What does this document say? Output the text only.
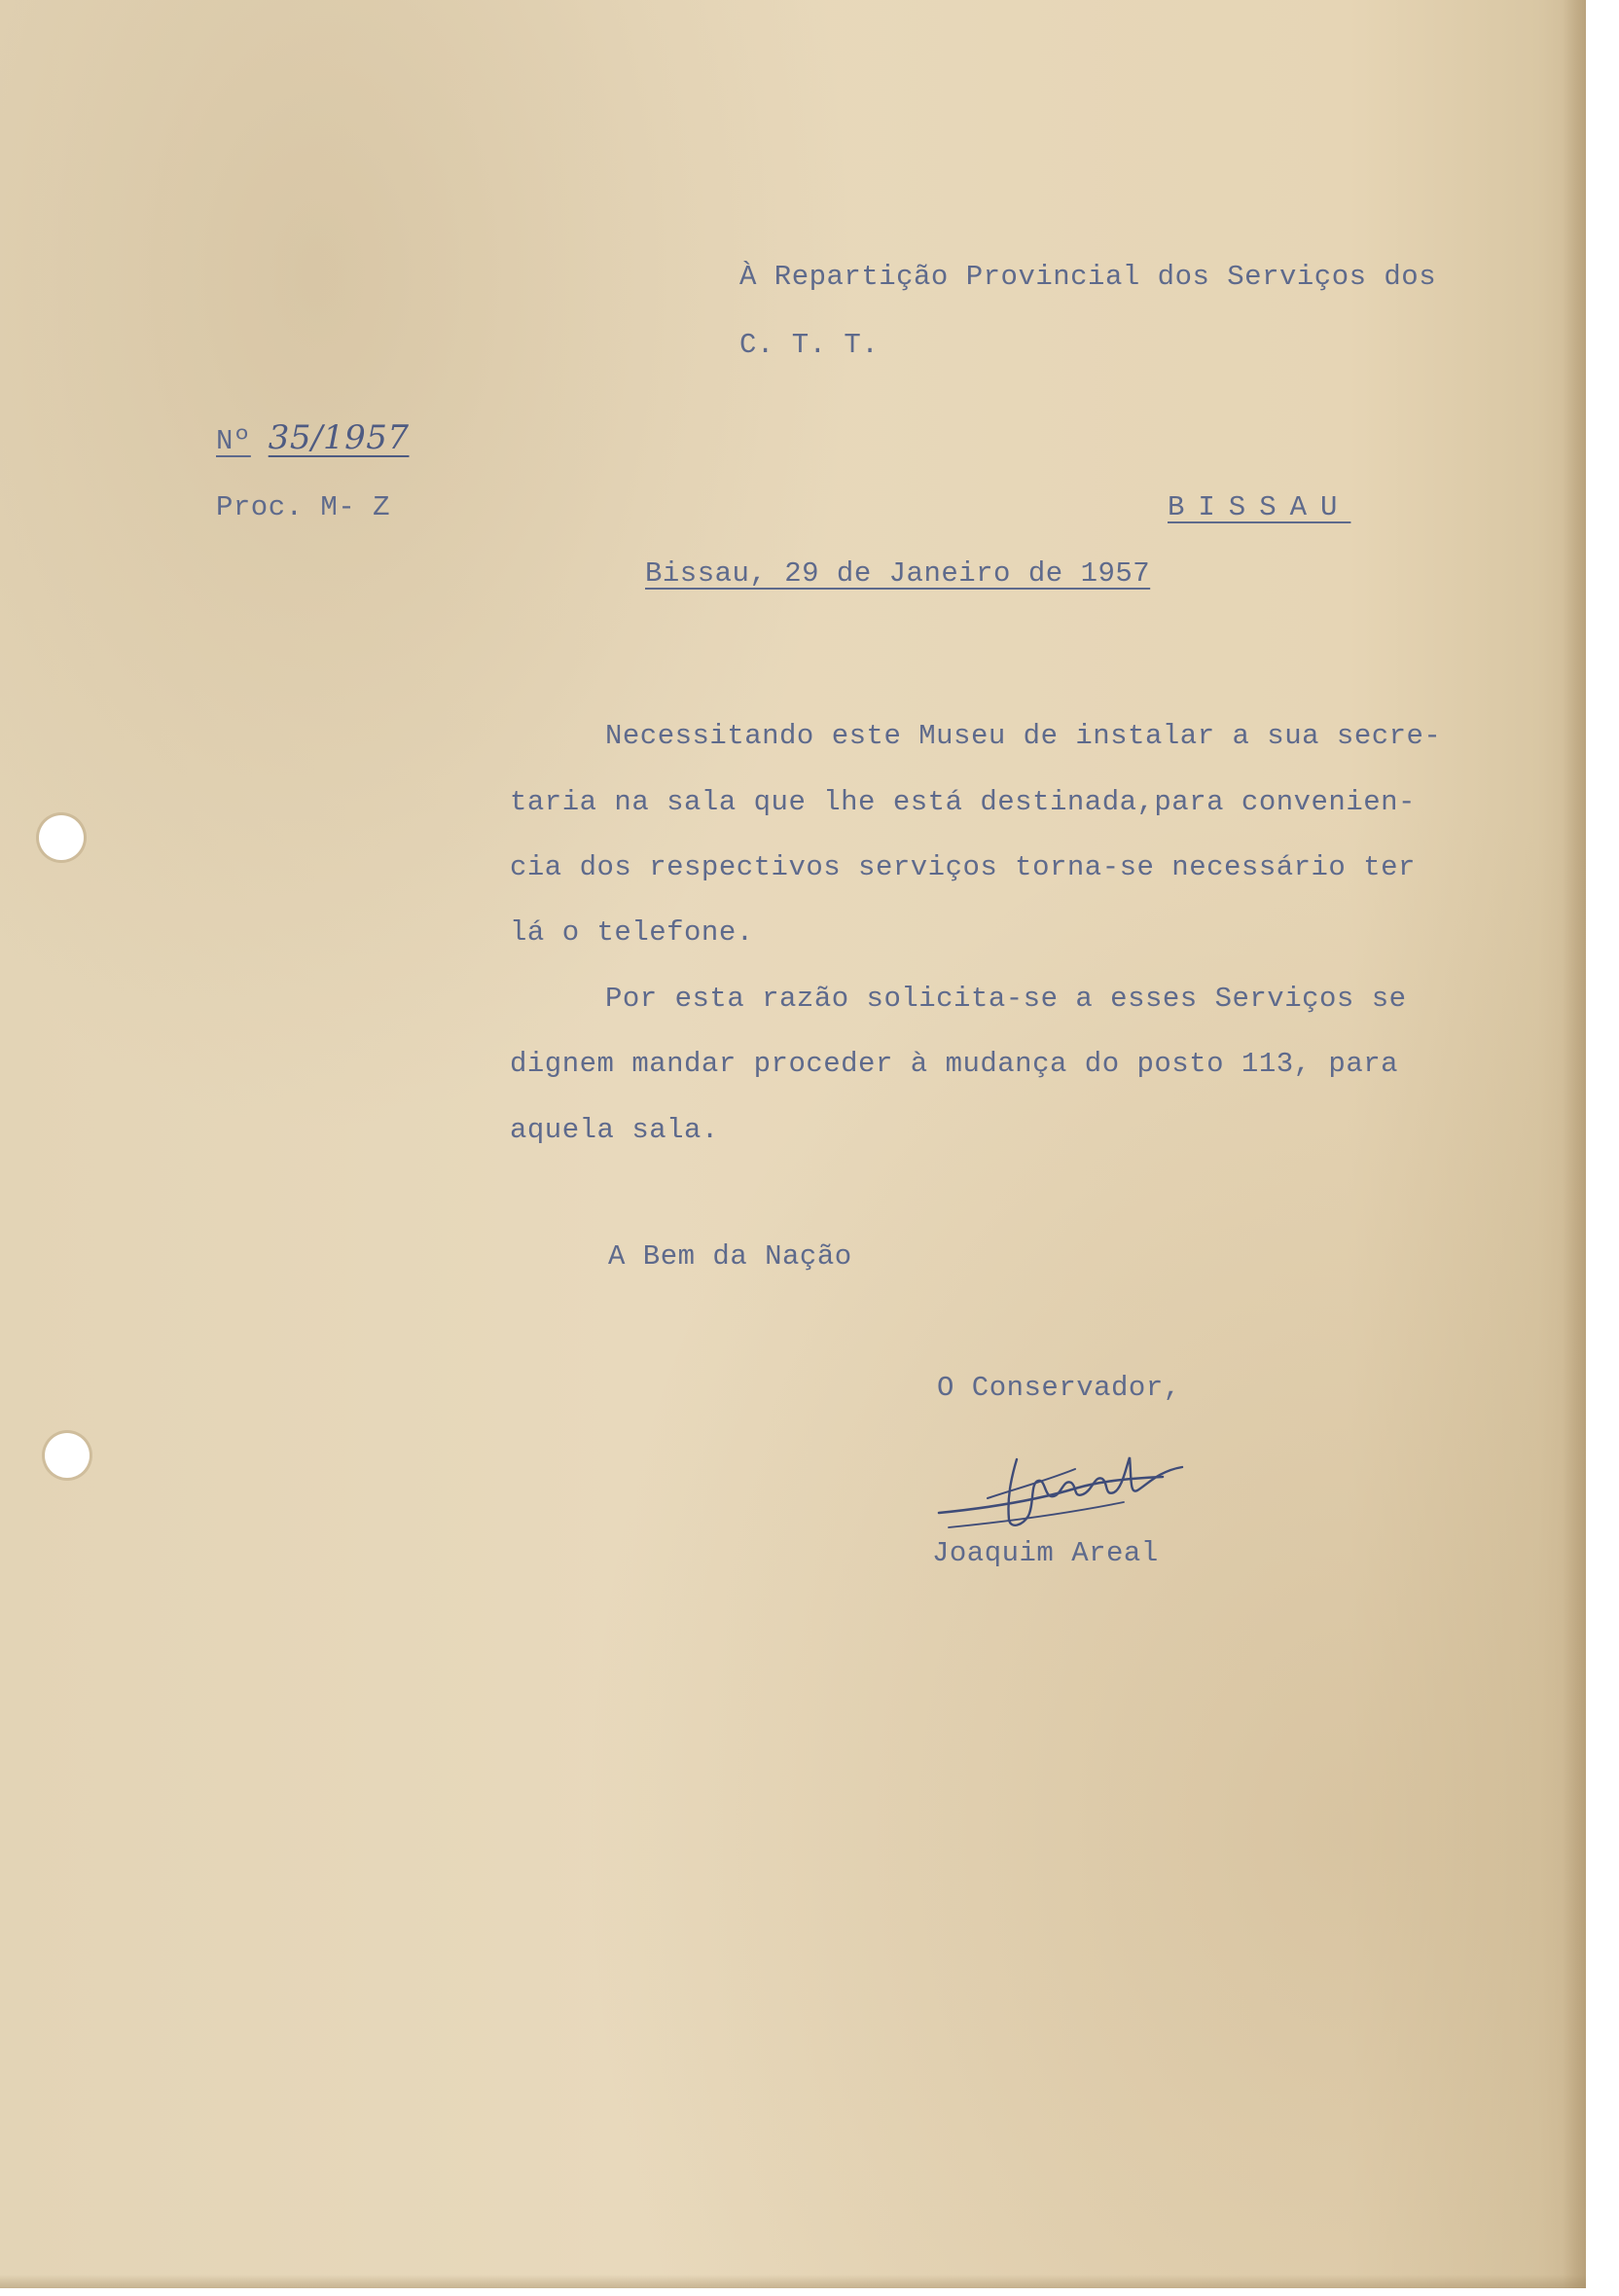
À Repartição Provincial dos Serviços dos
C. T. T.
Nº 35/1957
Proc. M- Z	BISSAU
Bissau, 29 de Janeiro de 1957
Necessitando este Museu de instalar a sua secre-
taria na sala que lhe está destinada,para convenien-
cia dos respectivos serviços torna-se necessário ter
lá o telefone.
Por esta razão solicita-se a esses Serviços se
dignem mandar proceder à mudança do posto 113, para
aquela sala.
A Bem da Nação
O Conservador,
Joaquim Areal
